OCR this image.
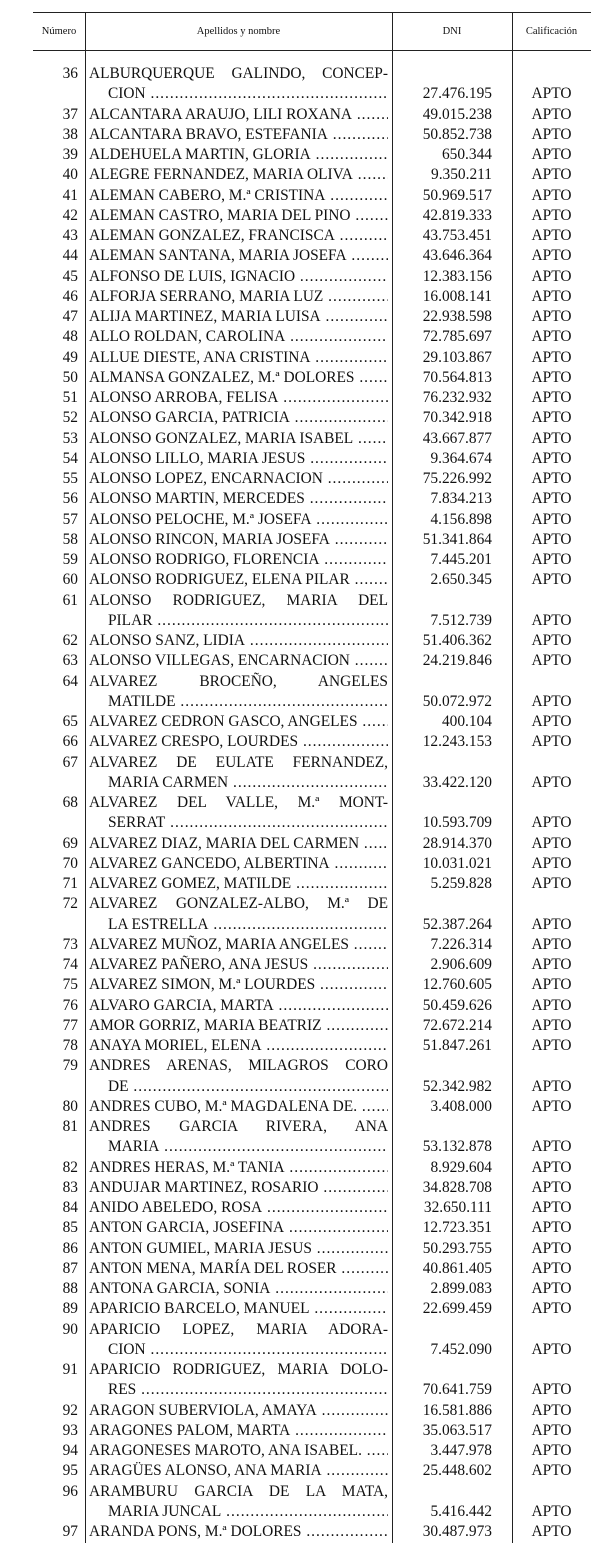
Número	Apellidos y nombre	DNI	Calificación
36 ALBURQUERQUE GALINDO, CONCEP-
CION .....	27.476.195	APTO
37 ALCANTARA ARAUJO, LILI ROXANA .....	49.015.238	APTO
38 ALCANTARA BRAVO, ESTEFANIA .....	50.852.738	APTO
39 ALDEHUELA MARTIN, GLORIA .....	650.344	APTO
40 ALEGRE FERNANDEZ, MARIA OLIVA .....	9.350.211	APTO
41 ALEMAN CABERO, M.ª CRISTINA .....	50.969.517	APTO
42 ALEMAN CASTRO, MARIA DEL PINO .....	42.819.333	APTO
43 ALEMAN GONZALEZ, FRANCISCA .....	43.753.451	APTO
44 ALEMAN SANTANA, MARIA JOSEFA .....	43.646.364	APTO
45 ALFONSO DE LUIS, IGNACIO .....	12.383.156	APTO
46 ALFORJA SERRANO, MARIA LUZ .....	16.008.141	APTO
47 ALIJA MARTINEZ, MARIA LUISA .....	22.938.598	APTO
48 ALLO ROLDAN, CAROLINA .....	72.785.697	APTO
49 ALLUE DIESTE, ANA CRISTINA .....	29.103.867	APTO
50 ALMANSA GONZALEZ, M.ª DOLORES .....	70.564.813	APTO
51 ALONSO ARROBA, FELISA .....	76.232.932	APTO
52 ALONSO GARCIA, PATRICIA .....	70.342.918	APTO
53 ALONSO GONZALEZ, MARIA ISABEL .....	43.667.877	APTO
54 ALONSO LILLO, MARIA JESUS .....	9.364.674	APTO
55 ALONSO LOPEZ, ENCARNACION .....	75.226.992	APTO
56 ALONSO MARTIN, MERCEDES .....	7.834.213	APTO
57 ALONSO PELOCHE, M.ª JOSEFA .....	4.156.898	APTO
58 ALONSO RINCON, MARIA JOSEFA .....	51.341.864	APTO
59 ALONSO RODRIGO, FLORENCIA .....	7.445.201	APTO
60 ALONSO RODRIGUEZ, ELENA PILAR .....	2.650.345	APTO
61 ALONSO RODRIGUEZ, MARIA DEL
PILAR .....	7.512.739	APTO
62 ALONSO SANZ, LIDIA .....	51.406.362	APTO
63 ALONSO VILLEGAS, ENCARNACION .....	24.219.846	APTO
64 ALVAREZ BROCEÑO, ANGELES
MATILDE .....	50.072.972	APTO
65 ALVAREZ CEDRON GASCO, ANGELES .....	400.104	APTO
66 ALVAREZ CRESPO, LOURDES .....	12.243.153	APTO
67 ALVAREZ DE EULATE FERNANDEZ,
MARIA CARMEN .....	33.422.120	APTO
68 ALVAREZ DEL VALLE, M.ª MONT-
SERRAT .....	10.593.709	APTO
69 ALVAREZ DIAZ, MARIA DEL CARMEN .....	28.914.370	APTO
70 ALVAREZ GANCEDO, ALBERTINA .....	10.031.021	APTO
71 ALVAREZ GOMEZ, MATILDE .....	5.259.828	APTO
72 ALVAREZ GONZALEZ-ALBO, M.ª DE
LA ESTRELLA .....	52.387.264	APTO
73 ALVAREZ MUÑOZ, MARIA ANGELES .....	7.226.314	APTO
74 ALVAREZ PAÑERO, ANA JESUS .....	2.906.609	APTO
75 ALVAREZ SIMON, M.ª LOURDES .....	12.760.605	APTO
76 ALVARO GARCIA, MARTA .....	50.459.626	APTO
77 AMOR GORRIZ, MARIA BEATRIZ .....	72.672.214	APTO
78 ANAYA MORIEL, ELENA .....	51.847.261	APTO
79 ANDRES ARENAS, MILAGROS CORO
DE .....	52.342.982	APTO
80 ANDRES CUBO, M.ª MAGDALENA DE. .....	3.408.000	APTO
81 ANDRES GARCIA RIVERA, ANA
MARIA .....	53.132.878	APTO
82 ANDRES HERAS, M.ª TANIA .....	8.929.604	APTO
83 ANDUJAR MARTINEZ, ROSARIO .....	34.828.708	APTO
84 ANIDO ABELEDO, ROSA .....	32.650.111	APTO
85 ANTON GARCIA, JOSEFINA .....	12.723.351	APTO
86 ANTON GUMIEL, MARIA JESUS .....	50.293.755	APTO
87 ANTON MENA, MARÍA DEL ROSER .....	40.861.405	APTO
88 ANTONA GARCIA, SONIA .....	2.899.083	APTO
89 APARICIO BARCELO, MANUEL .....	22.699.459	APTO
90 APARICIO LOPEZ, MARIA ADORA-
CION .....	7.452.090	APTO
91 APARICIO RODRIGUEZ, MARIA DOLO-
RES .....	70.641.759	APTO
92 ARAGON SUBERVIOLA, AMAYA .....	16.581.886	APTO
93 ARAGONES PALOM, MARTA .....	35.063.517	APTO
94 ARAGONESES MAROTO, ANA ISABEL. .....	3.447.978	APTO
95 ARAGÜES ALONSO, ANA MARIA .....	25.448.602	APTO
96 ARAMBURU GARCIA DE LA MATA,
MARIA JUNCAL .....	5.416.442	APTO
97 ARANDA PONS, M.ª DOLORES .....	30.487.973	APTO
